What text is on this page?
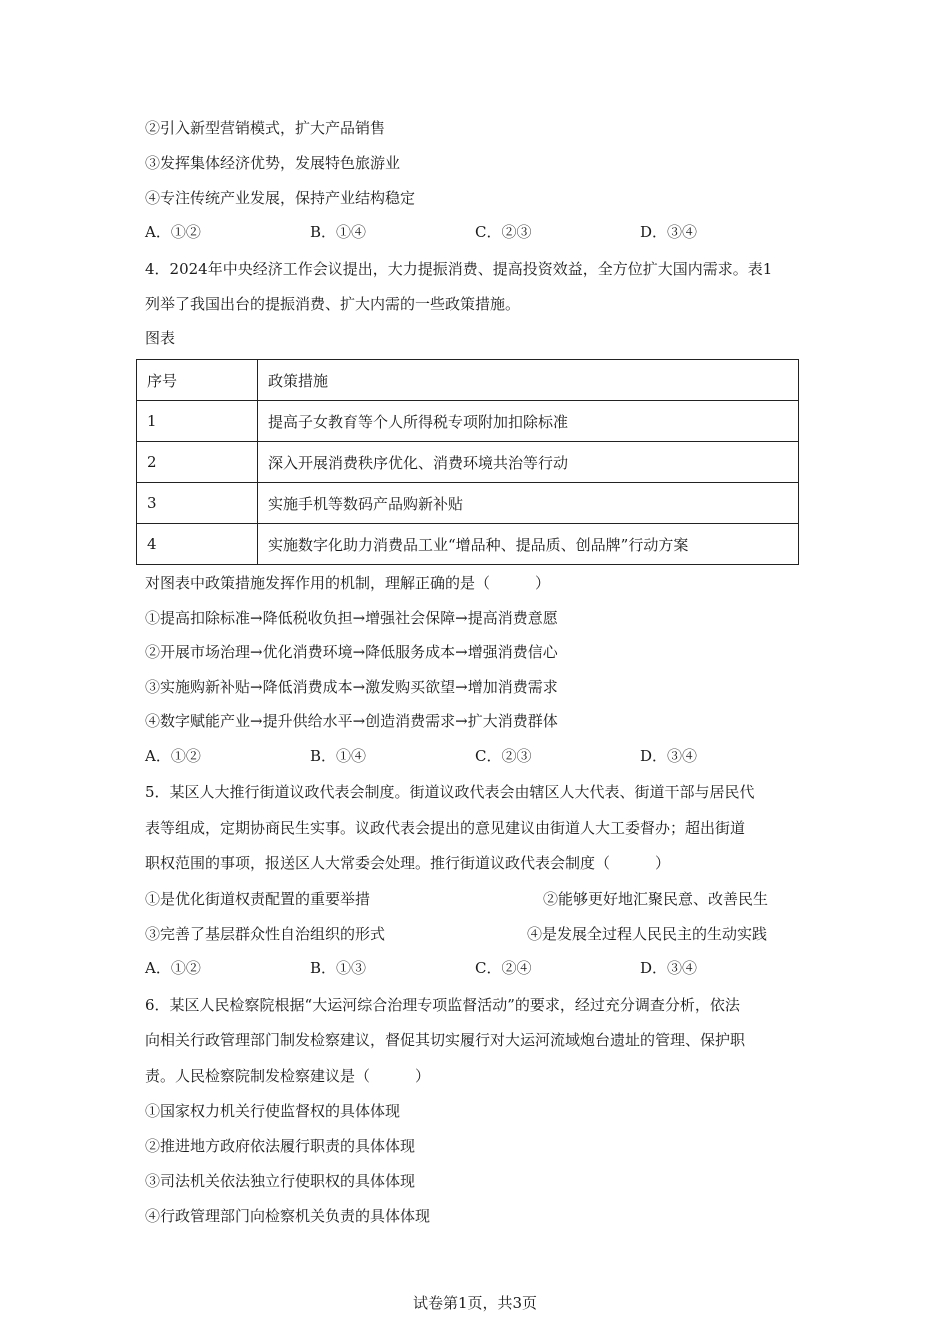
②引入新型营销模式，扩大产品销售
③发挥集体经济优势，发展特色旅游业
④专注传统产业发展，保持产业结构稳定
A．①②	B．①④	C．②③	D．③④
4．2024年中央经济工作会议提出，大力提振消费、提高投资效益，全方位扩大国内需求。表1
列举了我国出台的提振消费、扩大内需的一些政策措施。
图表
序号	政策措施
1	提高子女教育等个人所得税专项附加扣除标准
2	深入开展消费秩序优化、消费环境共治等行动
3	实施手机等数码产品购新补贴
4	实施数字化助力消费品工业“增品种、提品质、创品牌”行动方案
对图表中政策措施发挥作用的机制，理解正确的是（　　　）
①提高扣除标准→降低税收负担→增强社会保障→提高消费意愿
②开展市场治理→优化消费环境→降低服务成本→增强消费信心
③实施购新补贴→降低消费成本→激发购买欲望→增加消费需求
④数字赋能产业→提升供给水平→创造消费需求→扩大消费群体
A．①②	B．①④	C．②③	D．③④
5．某区人大推行街道议政代表会制度。街道议政代表会由辖区人大代表、街道干部与居民代
表等组成，定期协商民生实事。议政代表会提出的意见建议由街道人大工委督办；超出街道
职权范围的事项，报送区人大常委会处理。推行街道议政代表会制度（　　　）
①是优化街道权责配置的重要举措	②能够更好地汇聚民意、改善民生
③完善了基层群众性自治组织的形式	④是发展全过程人民民主的生动实践
A．①②	B．①③	C．②④	D．③④
6．某区人民检察院根据“大运河综合治理专项监督活动”的要求，经过充分调查分析，依法
向相关行政管理部门制发检察建议，督促其切实履行对大运河流域炮台遗址的管理、保护职
责。人民检察院制发检察建议是（　　　）
①国家权力机关行使监督权的具体体现
②推进地方政府依法履行职责的具体体现
③司法机关依法独立行使职权的具体体现
④行政管理部门向检察机关负责的具体体现
试卷第1页，共3页
